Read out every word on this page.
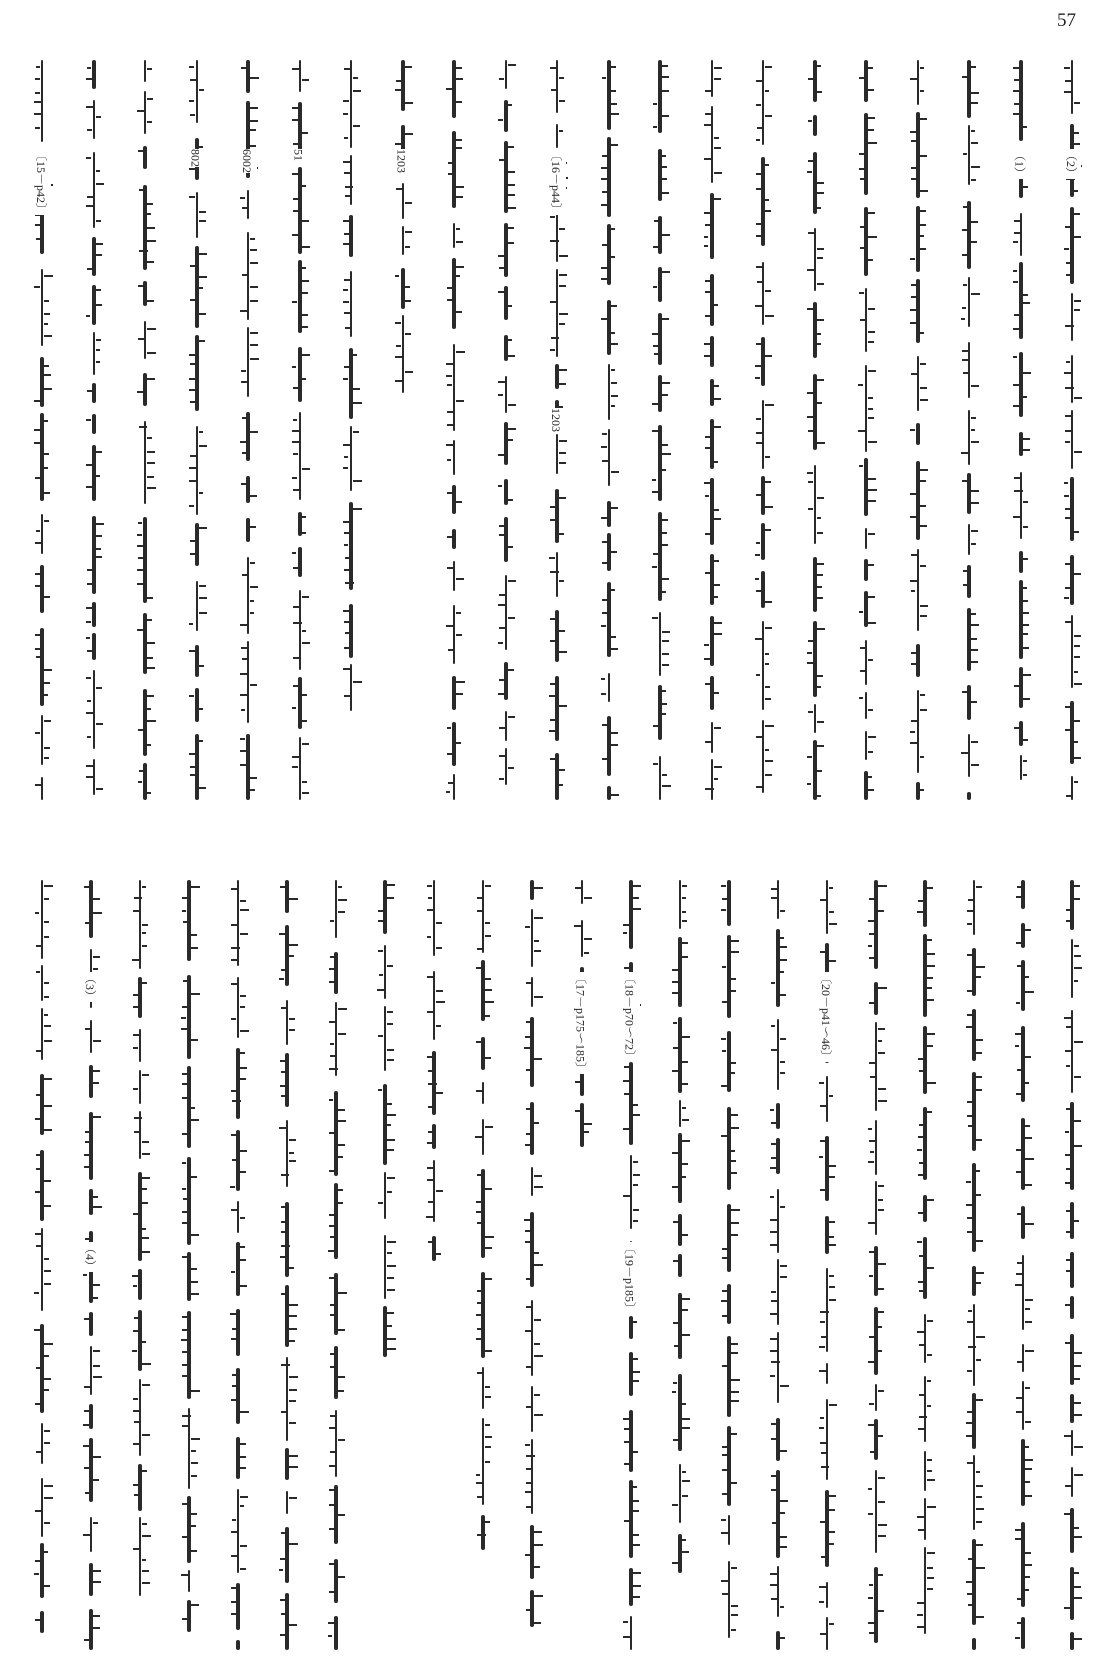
57
〔15－p42〕	802	6002	51	1203	〔16－p44〕
1203
（1）	（2）
（3）
（4）
〔17－p175～185〕	〔18－p70～72〕
〔19－p185〕
〔20－p41～46〕
